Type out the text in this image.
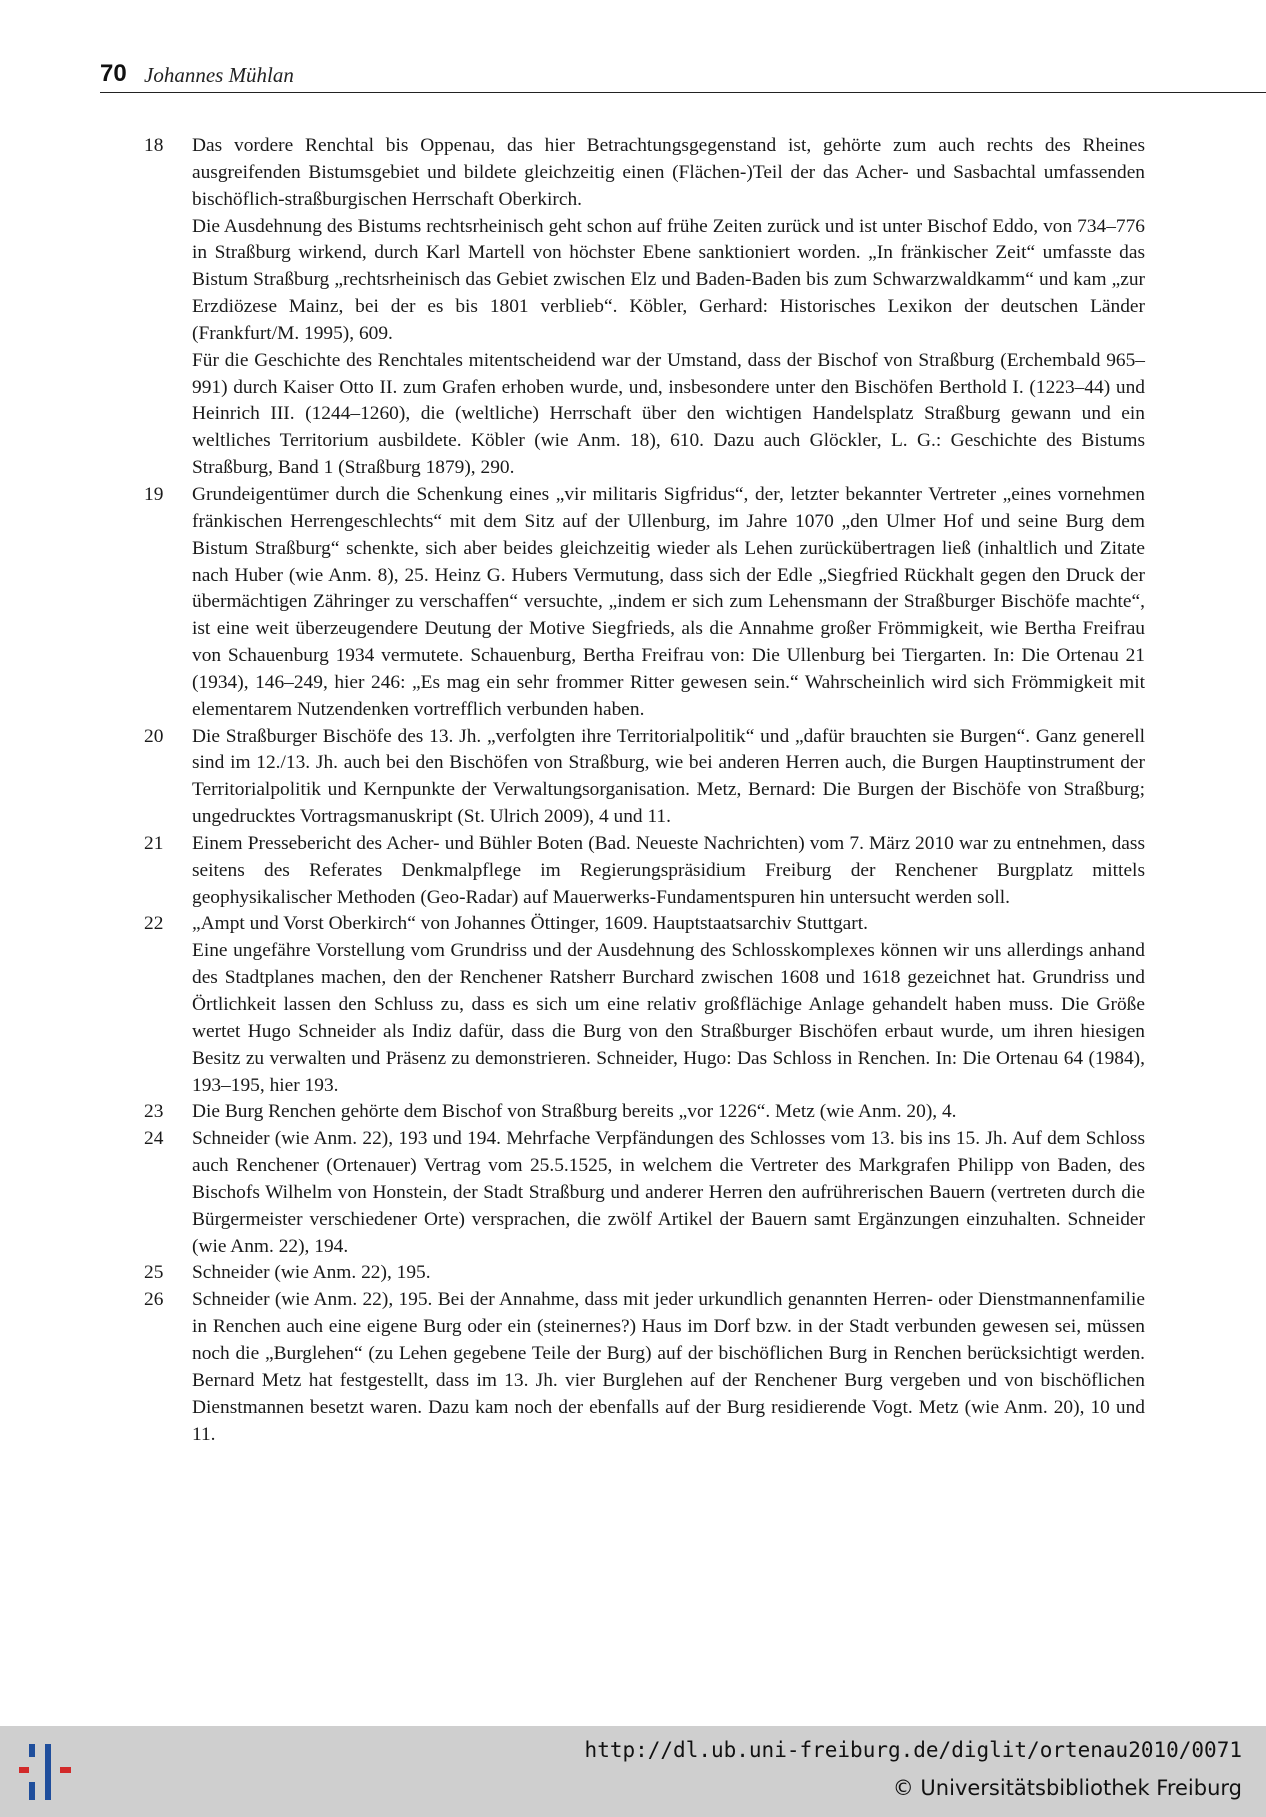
70 Johannes Mühlan
18 Das vordere Renchtal bis Oppenau, das hier Betrachtungsgegenstand ist, gehörte zum auch rechts des Rheines ausgreifenden Bistumsgebiet und bildete gleichzeitig einen (Flächen-)Teil der das Acher- und Sasbachtal umfassenden bischöflich-straßburgischen Herrschaft Oberkirch.

Die Ausdehnung des Bistums rechtsrheinisch geht schon auf frühe Zeiten zurück und ist unter Bischof Eddo, von 734–776 in Straßburg wirkend, durch Karl Martell von höchster Ebene sanktioniert worden. „In fränkischer Zeit“ umfasste das Bistum Straßburg „rechtsrheinisch das Gebiet zwischen Elz und Baden-Baden bis zum Schwarzwaldkamm“ und kam „zur Erzdiözese Mainz, bei der es bis 1801 verblieb“. Köbler, Gerhard: Historisches Lexikon der deutschen Länder (Frankfurt/M. 1995), 609.

Für die Geschichte des Renchtales mitentscheidend war der Umstand, dass der Bischof von Straßburg (Erchembald 965–991) durch Kaiser Otto II. zum Grafen erhoben wurde, und, insbesondere unter den Bischöfen Berthold I. (1223–44) und Heinrich III. (1244–1260), die (weltliche) Herrschaft über den wichtigen Handelsplatz Straßburg gewann und ein weltliches Territorium ausbildete. Köbler (wie Anm. 18), 610. Dazu auch Glöckler, L. G.: Geschichte des Bistums Straßburg, Band 1 (Straßburg 1879), 290.

19 Grundeigentümer durch die Schenkung eines „vir militaris Sigfridus“, der, letzter bekannter Vertreter „eines vornehmen fränkischen Herrengeschlechts“ mit dem Sitz auf der Ullenburg, im Jahre 1070 „den Ulmer Hof und seine Burg dem Bistum Straßburg“ schenkte, sich aber beides gleichzeitig wieder als Lehen zurückübertragen ließ (inhaltlich und Zitate nach Huber (wie Anm. 8), 25. Heinz G. Hubers Vermutung, dass sich der Edle „Siegfried Rückhalt gegen den Druck der übermächtigen Zähringer zu verschaffen“ versuchte, „indem er sich zum Lehensmann der Straßburger Bischöfe machte“, ist eine weit überzeugendere Deutung der Motive Siegfrieds, als die Annahme großer Frömmigkeit, wie Bertha Freifrau von Schauenburg 1934 vermutete. Schauenburg, Bertha Freifrau von: Die Ullenburg bei Tiergarten. In: Die Ortenau 21 (1934), 146–249, hier 246: „Es mag ein sehr frommer Ritter gewesen sein.“ Wahrscheinlich wird sich Frömmigkeit mit elementarem Nutzendenken vortrefflich verbunden haben.

20 Die Straßburger Bischöfe des 13. Jh. „verfolgten ihre Territorialpolitik“ und „dafür brauchten sie Burgen“. Ganz generell sind im 12./13. Jh. auch bei den Bischöfen von Straßburg, wie bei anderen Herren auch, die Burgen Hauptinstrument der Territorialpolitik und Kernpunkte der Verwaltungsorganisation. Metz, Bernard: Die Burgen der Bischöfe von Straßburg; ungedrucktes Vortragsmanuskript (St. Ulrich 2009), 4 und 11.

21 Einem Pressebericht des Acher- und Bühler Boten (Bad. Neueste Nachrichten) vom 7. März 2010 war zu entnehmen, dass seitens des Referates Denkmalpflege im Regierungspräsidium Freiburg der Renchener Burgplatz mittels geophysikalischer Methoden (Geo-Radar) auf Mauerwerks-Fundamentspuren hin untersucht werden soll.

22 „Ampt und Vorst Oberkirch“ von Johannes Öttinger, 1609. Hauptstaatsarchiv Stuttgart.

Eine ungefähre Vorstellung vom Grundriss und der Ausdehnung des Schlosskomplexes können wir uns allerdings anhand des Stadtplanes machen, den der Renchener Ratsherr Burchard zwischen 1608 und 1618 gezeichnet hat. Grundriss und Örtlichkeit lassen den Schluss zu, dass es sich um eine relativ großflächige Anlage gehandelt haben muss. Die Größe wertet Hugo Schneider als Indiz dafür, dass die Burg von den Straßburger Bischöfen erbaut wurde, um ihren hiesigen Besitz zu verwalten und Präsenz zu demonstrieren. Schneider, Hugo: Das Schloss in Renchen. In: Die Ortenau 64 (1984), 193–195, hier 193.

23 Die Burg Renchen gehörte dem Bischof von Straßburg bereits „vor 1226“. Metz (wie Anm. 20), 4.

24 Schneider (wie Anm. 22), 193 und 194. Mehrfache Verpfändungen des Schlosses vom 13. bis ins 15. Jh. Auf dem Schloss auch Renchener (Ortenauer) Vertrag vom 25.5.1525, in welchem die Vertreter des Markgrafen Philipp von Baden, des Bischofs Wilhelm von Honstein, der Stadt Straßburg und anderer Herren den aufrührerischen Bauern (vertreten durch die Bürgermeister verschiedener Orte) versprachen, die zwölf Artikel der Bauern samt Ergänzungen einzuhalten. Schneider (wie Anm. 22), 194.

25 Schneider (wie Anm. 22), 195.

26 Schneider (wie Anm. 22), 195. Bei der Annahme, dass mit jeder urkundlich genannten Herren- oder Dienstmannenfamilie in Renchen auch eine eigene Burg oder ein (steinernes?) Haus im Dorf bzw. in der Stadt verbunden gewesen sei, müssen noch die „Burglehen“ (zu Lehen gegebene Teile der Burg) auf der bischöflichen Burg in Renchen berücksichtigt werden. Bernard Metz hat festgestellt, dass im 13. Jh. vier Burglehen auf der Renchener Burg vergeben und von bischöflichen Dienstmannen besetzt waren. Dazu kam noch der ebenfalls auf der Burg residierende Vogt. Metz (wie Anm. 20), 10 und 11.

http://dl.ub.uni-freiburg.de/diglit/ortenau2010/0071
© Universitätsbibliothek Freiburg
